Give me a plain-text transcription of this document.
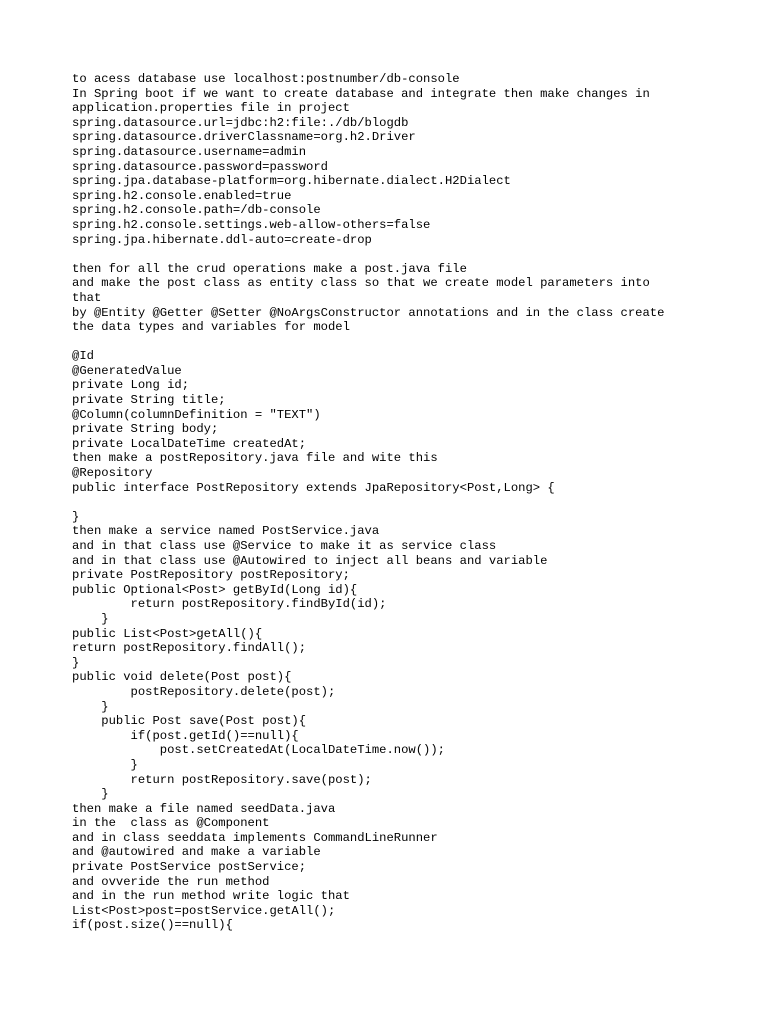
to acess database use localhost:postnumber/db-console
In Spring boot if we want to create database and integrate then make changes in
application.properties file in project
spring.datasource.url=jdbc:h2:file:./db/blogdb
spring.datasource.driverClassname=org.h2.Driver
spring.datasource.username=admin
spring.datasource.password=password
spring.jpa.database-platform=org.hibernate.dialect.H2Dialect
spring.h2.console.enabled=true
spring.h2.console.path=/db-console
spring.h2.console.settings.web-allow-others=false
spring.jpa.hibernate.ddl-auto=create-drop
then for all the crud operations make a post.java file
and make the post class as entity class so that we create model parameters into
that
by @Entity @Getter @Setter @NoArgsConstructor annotations and in the class create
the data types and variables for model
@Id
@GeneratedValue
private Long id;
private String title;
@Column(columnDefinition = "TEXT")
private String body;
private LocalDateTime createdAt;
then make a postRepository.java file and wite this
@Repository
public interface PostRepository extends JpaRepository<Post,Long> {
}
then make a service named PostService.java
and in that class use @Service to make it as service class
and in that class use @Autowired to inject all beans and variable
private PostRepository postRepository;
public Optional<Post> getById(Long id){
return postRepository.findById(id);
}
public List<Post>getAll(){
return postRepository.findAll();
}
public void delete(Post post){
postRepository.delete(post);
}
public Post save(Post post){
if(post.getId()==null){
post.setCreatedAt(LocalDateTime.now());
}
return postRepository.save(post);
}
then make a file named seedData.java
in the  class as @Component
and in class seeddata implements CommandLineRunner
and @autowired and make a variable
private PostService postService;
and ovveride the run method
and in the run method write logic that
List<Post>post=postService.getAll();
if(post.size()==null){
